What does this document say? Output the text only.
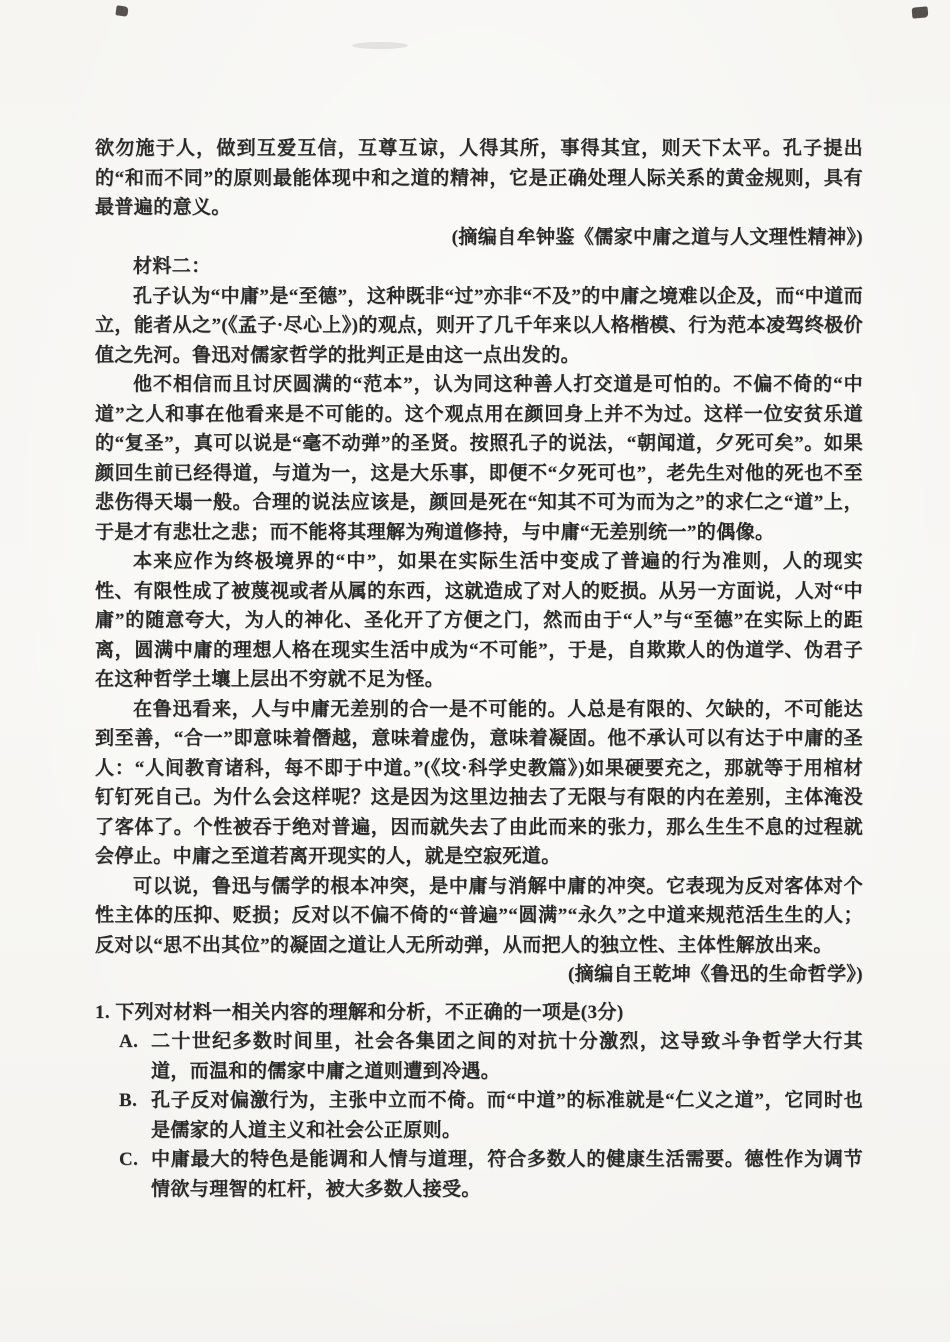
欲勿施于人，做到互爱互信，互尊互谅，人得其所，事得其宜，则天下太平。孔子提出的“和而不同”的原则最能体现中和之道的精神，它是正确处理人际关系的黄金规则，具有最普遍的意义。

(摘编自牟钟鉴《儒家中庸之道与人文理性精神》)

材料二：

孔子认为“中庸”是“至德”，这种既非“过”亦非“不及”的中庸之境难以企及，而“中道而立，能者从之”(《孟子·尽心上》)的观点，则开了几千年来以人格楷模、行为范本凌驾终极价值之先河。鲁迅对儒家哲学的批判正是由这一点出发的。

他不相信而且讨厌圆满的“范本”，认为同这种善人打交道是可怕的。不偏不倚的“中道”之人和事在他看来是不可能的。这个观点用在颜回身上并不为过。这样一位安贫乐道的“复圣”，真可以说是“毫不动弹”的圣贤。按照孔子的说法，“朝闻道，夕死可矣”。如果颜回生前已经得道，与道为一，这是大乐事，即便不“夕死可也”，老先生对他的死也不至悲伤得天塌一般。合理的说法应该是，颜回是死在“知其不可为而为之”的求仁之“道”上，于是才有悲壮之悲；而不能将其理解为殉道修持，与中庸“无差别统一”的偶像。

本来应作为终极境界的“中”，如果在实际生活中变成了普遍的行为准则，人的现实性、有限性成了被蔑视或者从属的东西，这就造成了对人的贬损。从另一方面说，人对“中庸”的随意夸大，为人的神化、圣化开了方便之门，然而由于“人”与“至德”在实际上的距离，圆满中庸的理想人格在现实生活中成为“不可能”，于是，自欺欺人的伪道学、伪君子在这种哲学土壤上层出不穷就不足为怪。

在鲁迅看来，人与中庸无差别的合一是不可能的。人总是有限的、欠缺的，不可能达到至善，“合一”即意味着僭越，意味着虚伪，意味着凝固。他不承认可以有达于中庸的圣人：“人间教育诸科，每不即于中道。”(《坟·科学史教篇》)如果硬要充之，那就等于用棺材钉钉死自己。为什么会这样呢？这是因为这里边抽去了无限与有限的内在差别，主体淹没了客体了。个性被吞于绝对普遍，因而就失去了由此而来的张力，那么生生不息的过程就会停止。中庸之至道若离开现实的人，就是空寂死道。

可以说，鲁迅与儒学的根本冲突，是中庸与消解中庸的冲突。它表现为反对客体对个性主体的压抑、贬损；反对以不偏不倚的“普遍”“圆满”“永久”之中道来规范活生生的人；反对以“思不出其位”的凝固之道让人无所动弹，从而把人的独立性、主体性解放出来。

(摘编自王乾坤《鲁迅的生命哲学》)

1. 下列对材料一相关内容的理解和分析，不正确的一项是(3分)

A. 二十世纪多数时间里，社会各集团之间的对抗十分激烈，这导致斗争哲学大行其道，而温和的儒家中庸之道则遭到冷遇。
B. 孔子反对偏激行为，主张中立而不倚。而“中道”的标准就是“仁义之道”，它同时也是儒家的人道主义和社会公正原则。
C. 中庸最大的特色是能调和人情与道理，符合多数人的健康生活需要。德性作为调节情欲与理智的杠杆，被大多数人接受。
